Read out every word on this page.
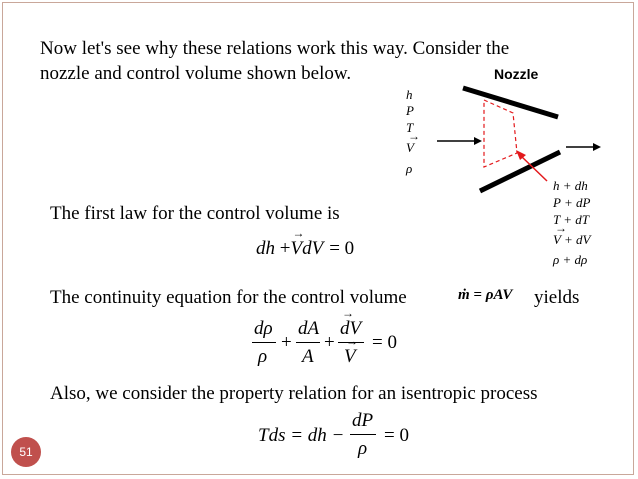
Now let's see why these relations work this way. Consider the
nozzle and control volume shown below.	Nozzle
h
P
T
→ V
ρ
h + dh
P + dP
T + dT
→ V + dV
ρ + dρ
The first law for the control volume is
dh +→ VdV = 0
The continuity equation for the control volume	ṁ = ρAV yields
dρ
ρ
+
dA
A
+
→ dV
→ V
= 0
Also, we consider the property relation for an isentropic process
Tds = dh −
dP
ρ
= 0
51
